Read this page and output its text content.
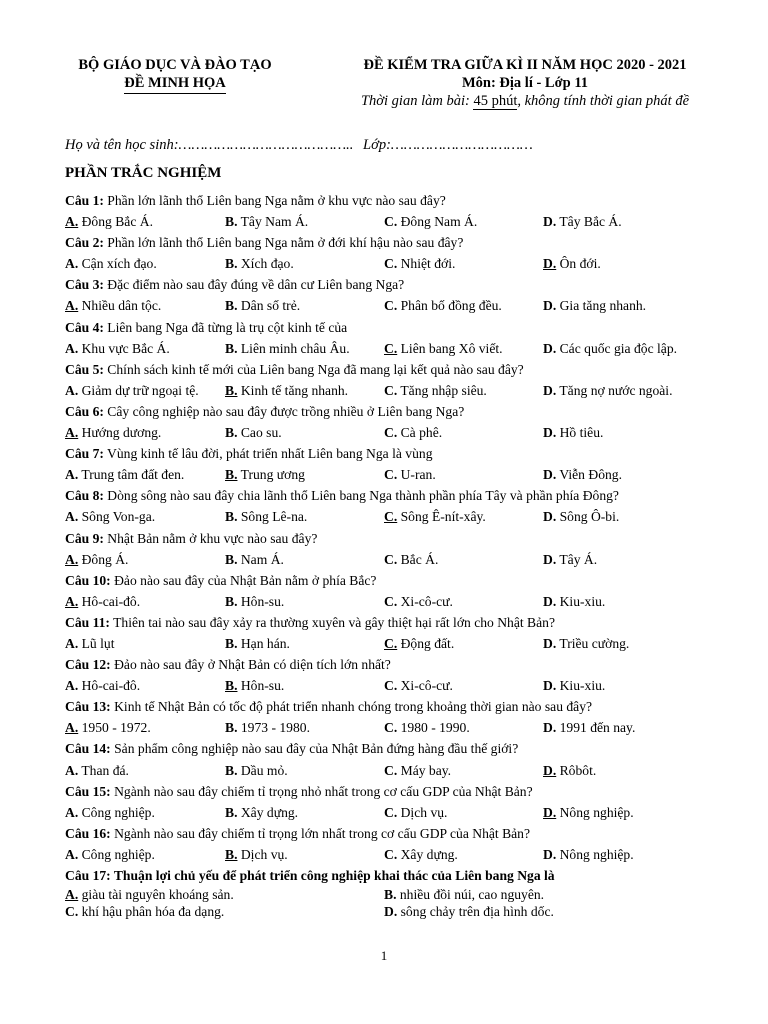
BỘ GIÁO DỤC VÀ ĐÀO TẠO
ĐỀ MINH HỌA
ĐỀ KIỂM TRA GIỮA KÌ II NĂM HỌC 2020 - 2021
Môn: Địa lí - Lớp 11
Thời gian làm bài: 45 phút, không tính thời gian phát đề
Họ và tên học sinh:………………………………….. Lớp:……………………………
PHẦN TRẮC NGHIỆM
Câu 1: Phần lớn lãnh thổ Liên bang Nga nằm ở khu vực nào sau đây?
A. Đông Bắc Á.	B. Tây Nam Á.	C. Đông Nam Á.	D. Tây Bắc Á.
Câu 2: Phần lớn lãnh thổ Liên bang Nga nằm ở đới khí hậu nào sau đây?
A. Cận xích đạo.	B. Xích đạo.	C. Nhiệt đới.	D. Ôn đới.
Câu 3: Đặc điểm nào sau đây đúng về dân cư Liên bang Nga?
A. Nhiều dân tộc.	B. Dân số trẻ.	C. Phân bố đồng đều.	D. Gia tăng nhanh.
Câu 4: Liên bang Nga đã từng là trụ cột kinh tế của
A. Khu vực Bắc Á.	B. Liên minh châu Âu.	C. Liên bang Xô viết.	D. Các quốc gia độc lập.
Câu 5: Chính sách kinh tế mới của Liên bang Nga đã mang lại kết quả nào sau đây?
A. Giảm dự trữ ngoại tệ. B. Kinh tế tăng nhanh.	C. Tăng nhập siêu.	D. Tăng nợ nước ngoài.
Câu 6: Cây công nghiệp nào sau đây được trồng nhiều ở Liên bang Nga?
A. Hướng dương.	B. Cao su.	C. Cà phê.	D. Hồ tiêu.
Câu 7: Vùng kinh tế lâu đời, phát triển nhất Liên bang Nga là vùng
A. Trung tâm đất đen.	B. Trung ương	C. U-ran.	D. Viễn Đông.
Câu 8: Dòng sông nào sau đây chia lãnh thổ Liên bang Nga thành phần phía Tây và phần phía Đông?
A. Sông Von-ga.	B. Sông Lê-na.	C. Sông Ê-nít-xây.	D. Sông Ô-bi.
Câu 9: Nhật Bản nằm ở khu vực nào sau đây?
A. Đông Á.	B. Nam Á.	C. Bắc Á.	D. Tây Á.
Câu 10: Đảo nào sau đây của Nhật Bản nằm ở phía Bắc?
A. Hô-cai-đô.	B. Hôn-su.	C. Xi-cô-cư.	D. Kiu-xiu.
Câu 11: Thiên tai nào sau đây xảy ra thường xuyên và gây thiệt hại rất lớn cho Nhật Bản?
A. Lũ lụt	B. Hạn hán.	C. Động đất.	D. Triều cường.
Câu 12: Đảo nào sau đây ở Nhật Bản có diện tích lớn nhất?
A. Hô-cai-đô.	B. Hôn-su.	C. Xi-cô-cư.	D. Kiu-xiu.
Câu 13: Kinh tế Nhật Bản có tốc độ phát triển nhanh chóng trong khoảng thời gian nào sau đây?
A. 1950 - 1972.	B. 1973 - 1980.	C. 1980 - 1990.	D. 1991 đến nay.
Câu 14: Sản phẩm công nghiệp nào sau đây của Nhật Bản đứng hàng đầu thế giới?
A. Than đá.	B. Dầu mỏ.	C. Máy bay.	D. Rôbôt.
Câu 15: Ngành nào sau đây chiếm tỉ trọng nhỏ nhất trong cơ cấu GDP của Nhật Bản?
A. Công nghiệp.	B. Xây dựng.	C. Dịch vụ.	D. Nông nghiệp.
Câu 16: Ngành nào sau đây chiếm tỉ trọng lớn nhất trong cơ cấu GDP của Nhật Bản?
A. Công nghiệp.	B. Dịch vụ.	C. Xây dựng.	D. Nông nghiệp.
Câu 17: Thuận lợi chủ yếu để phát triển công nghiệp khai thác của Liên bang Nga là
A. giàu tài nguyên khoáng sản.	B. nhiều đồi núi, cao nguyên.
C. khí hậu phân hóa đa dạng.	D. sông chảy trên địa hình dốc.
1
